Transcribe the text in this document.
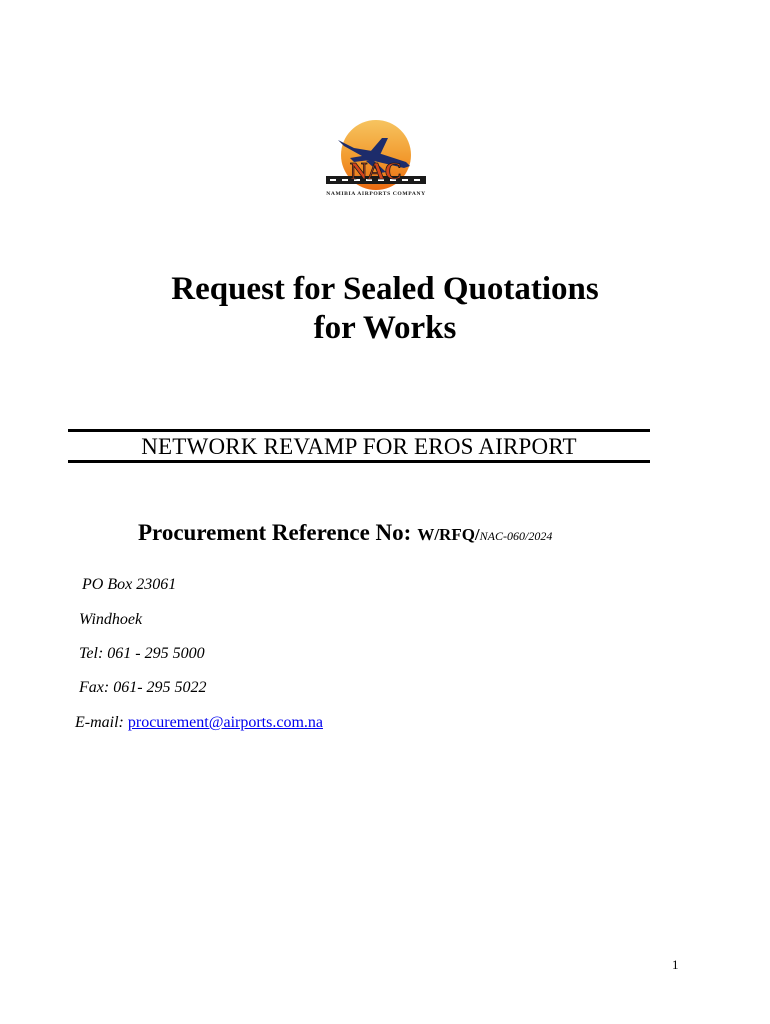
NAC
NAMIBIA AIRPORTS COMPANY
Request for Sealed Quotations
for Works
NETWORK REVAMP FOR EROS AIRPORT
Procurement Reference No: W/RFQ/NAC-060/2024
PO Box 23061
Windhoek
Tel: 061 - 295 5000
Fax: 061- 295 5022
E-mail: procurement@airports.com.na
1
